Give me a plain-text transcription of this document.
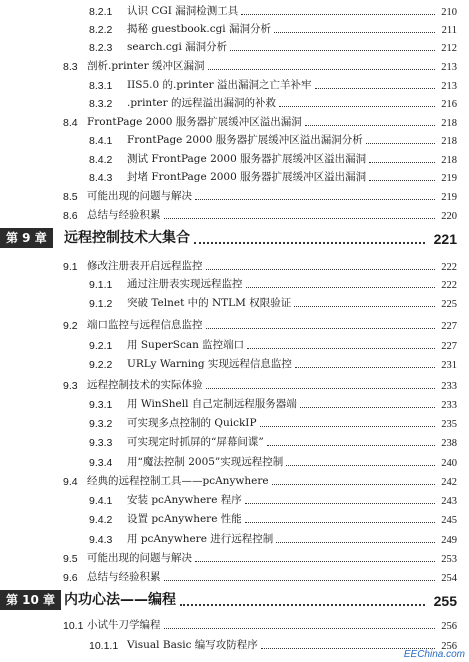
8.2.1 认识 CGI 漏洞检测工具	210
8.2.2 揭秘 guestbook.cgi 漏洞分析	211
8.2.3 search.cgi 漏洞分析	212
8.3 剖析.printer 缓冲区漏洞	213
8.3.1 IIS5.0 的.printer 溢出漏洞之亡羊补牢	213
8.3.2 .printer 的远程溢出漏洞的补救	216
8.4 FrontPage 2000 服务器扩展缓冲区溢出漏洞	218
8.4.1 FrontPage 2000 服务器扩展缓冲区溢出漏洞分析	218
8.4.2 测试 FrontPage 2000 服务器扩展缓冲区溢出漏洞	218
8.4.3 封堵 FrontPage 2000 服务器扩展缓冲区溢出漏洞	219
8.5 可能出现的问题与解决	219
8.6 总结与经验积累	220
第 9 章	远程控制技术大集合	221
9.1 修改注册表开启远程监控	222
9.1.1 通过注册表实现远程监控	222
9.1.2 突破 Telnet 中的 NTLM 权限验证	225
9.2 端口监控与远程信息监控	227
9.2.1 用 SuperScan 监控端口	227
9.2.2 URLy Warning 实现远程信息监控	231
9.3 远程控制技术的实际体验	233
9.3.1 用 WinShell 自己定制远程服务器端	233
9.3.2 可实现多点控制的 QuickIP	235
9.3.3 可实现定时抓屏的“屏幕间谍”	238
9.3.4 用“魔法控制 2005”实现远程控制	240
9.4 经典的远程控制工具——pcAnywhere	242
9.4.1 安装 pcAnywhere 程序	243
9.4.2 设置 pcAnywhere 性能	245
9.4.3 用 pcAnywhere 进行远程控制	249
9.5 可能出现的问题与解决	253
9.6 总结与经验积累	254
第 10 章 内功心法——编程	255
10.1 小试牛刀学编程	256
10.1.1 Visual Basic 编写攻防程序	256
EEChina.com
